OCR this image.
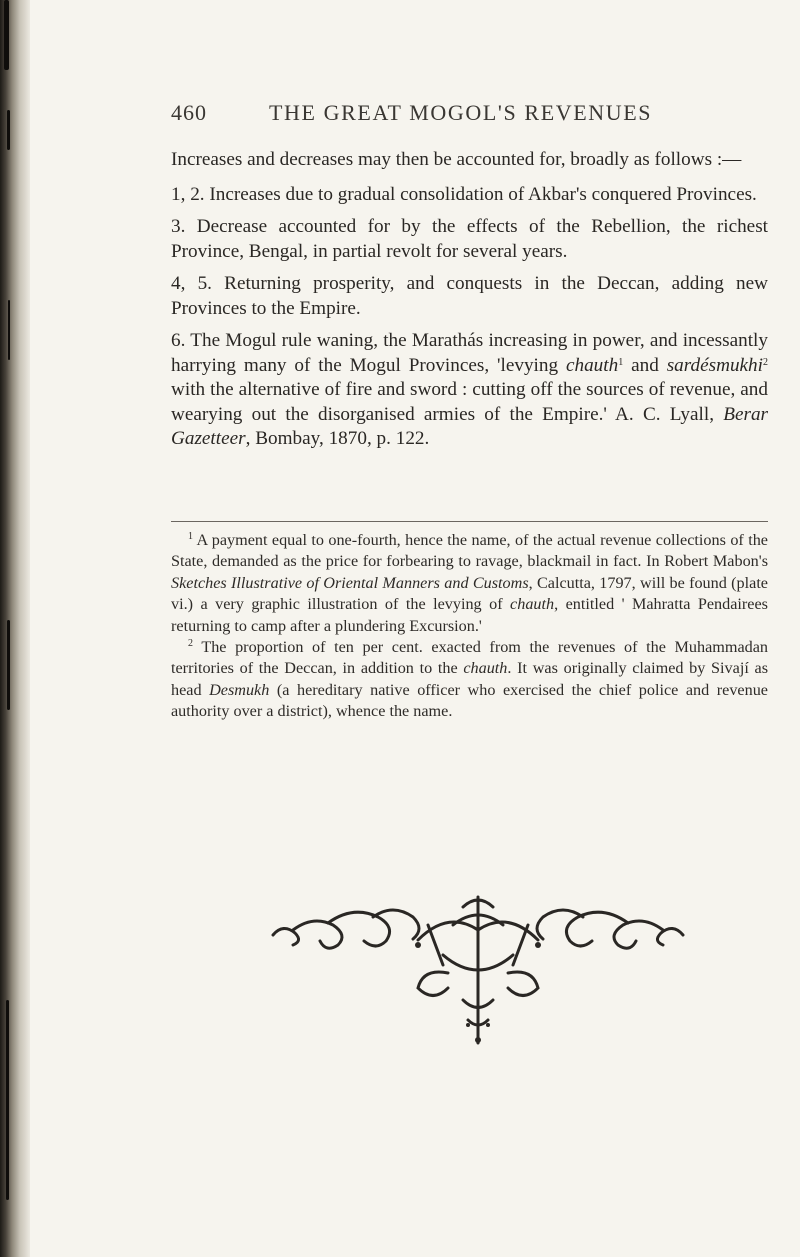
460	THE GREAT MOGOL'S REVENUES

Increases and decreases may then be accounted for, broadly as follows :—

1, 2. Increases due to gradual consolidation of Akbar's conquered Provinces.

3. Decrease accounted for by the effects of the Rebellion, the richest Province, Bengal, in partial revolt for several years.

4, 5. Returning prosperity, and conquests in the Deccan, adding new Provinces to the Empire.

6. The Mogul rule waning, the Marathás increasing in power, and incessantly harrying many of the Mogul Provinces, 'levying chauth$^1$ and sardésmukhi$^2$ with the alternative of fire and sword : cutting off the sources of revenue, and wearying out the disorganised armies of the Empire.' A. C. Lyall, Berar Gazetteer, Bombay, 1870, p. 122.

$^1$ A payment equal to one-fourth, hence the name, of the actual revenue collections of the State, demanded as the price for forbearing to ravage, blackmail in fact. In Robert Mabon's Sketches Illustrative of Oriental Manners and Customs, Calcutta, 1797, will be found (plate vi.) a very graphic illustration of the levying of chauth, entitled ' Mahratta Pendairees returning to camp after a plundering Excursion.'

$^2$ The proportion of ten per cent. exacted from the revenues of the Muhammadan territories of the Deccan, in addition to the chauth. It was originally claimed by Sivají as head Desmukh (a hereditary native officer who exercised the chief police and revenue authority over a district), whence the name.
